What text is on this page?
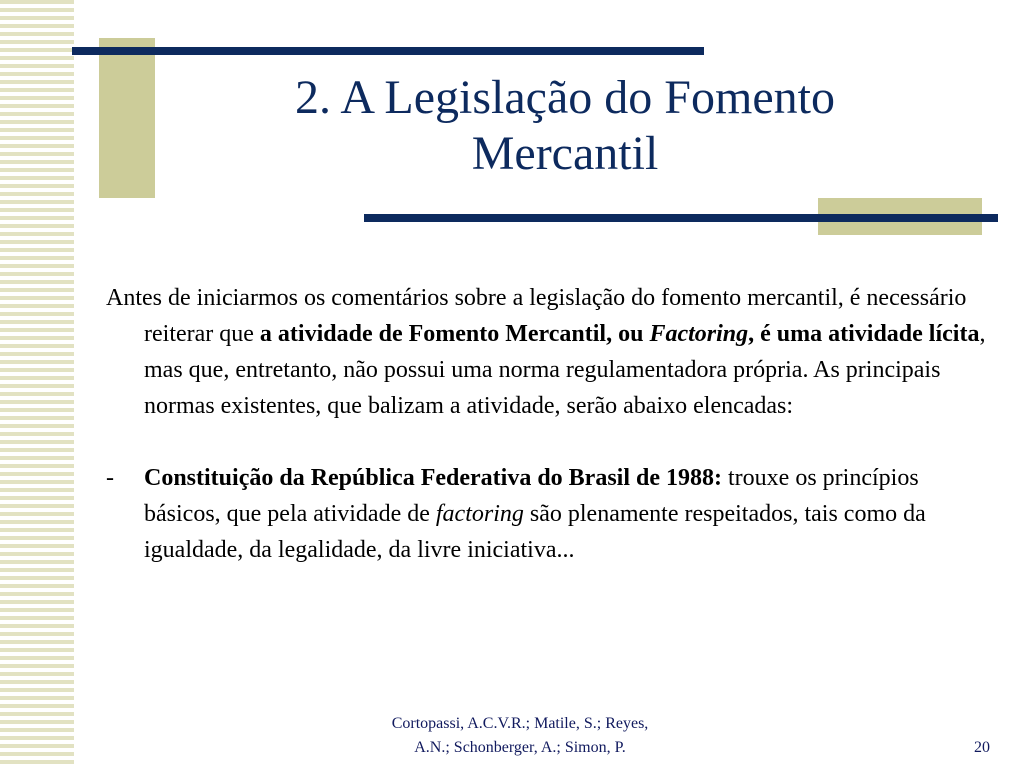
2. A Legislação do Fomento
Mercantil

Antes de iniciarmos os comentários sobre a legislação do fomento mercantil, é necessário reiterar que a atividade de Fomento Mercantil, ou Factoring, é uma atividade lícita, mas que, entretanto, não possui uma norma regulamentadora própria. As principais normas existentes, que balizam a atividade, serão abaixo elencadas:

- Constituição da República Federativa do Brasil de 1988: trouxe os princípios básicos, que pela atividade de factoring são plenamente respeitados, tais como da igualdade, da legalidade, da livre iniciativa...
Cortopassi, A.C.V.R.; Matile, S.; Reyes,
A.N.; Schonberger, A.; Simon, P.	20
